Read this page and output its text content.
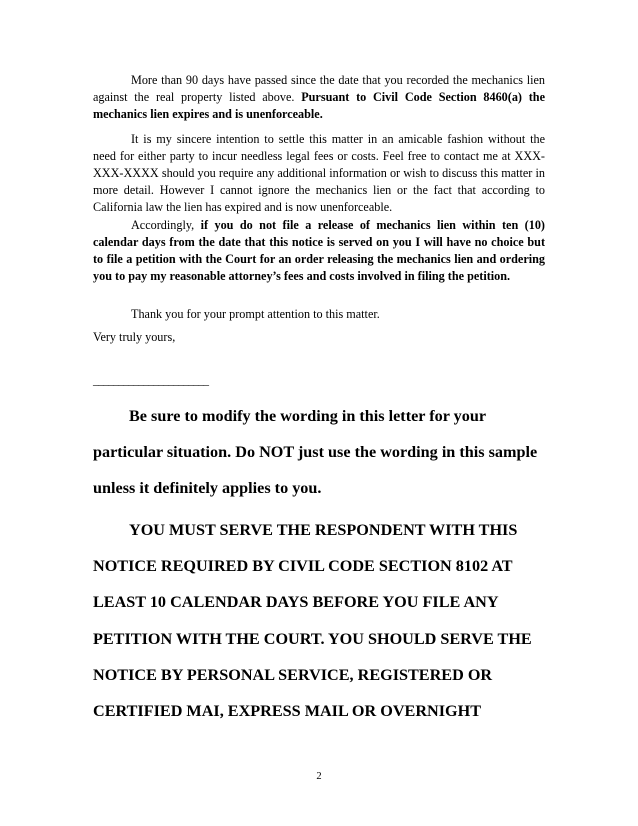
More than 90 days have passed since the date that you recorded the mechanics lien against the real property listed above. Pursuant to Civil Code Section 8460(a) the mechanics lien expires and is unenforceable.

It is my sincere intention to settle this matter in an amicable fashion without the need for either party to incur needless legal fees or costs. Feel free to contact me at XXX-XXX-XXXX should you require any additional information or wish to discuss this matter in more detail. However I cannot ignore the mechanics lien or the fact that according to California law the lien has expired and is now unenforceable.

Accordingly, if you do not file a release of mechanics lien within ten (10) calendar days from the date that this notice is served on you I will have no choice but to file a petition with the Court for an order releasing the mechanics lien and ordering you to pay my reasonable attorney’s fees and costs involved in filing the petition.

Thank you for your prompt attention to this matter.

Very truly yours,

_______________________

Be sure to modify the wording in this letter for your particular situation. Do NOT just use the wording in this sample unless it definitely applies to you.

YOU MUST SERVE THE RESPONDENT WITH THIS NOTICE REQUIRED BY CIVIL CODE SECTION 8102 AT LEAST 10 CALENDAR DAYS BEFORE YOU FILE ANY PETITION WITH THE COURT. YOU SHOULD SERVE THE NOTICE BY PERSONAL SERVICE, REGISTERED OR CERTIFIED MAI, EXPRESS MAIL OR OVERNIGHT

2
